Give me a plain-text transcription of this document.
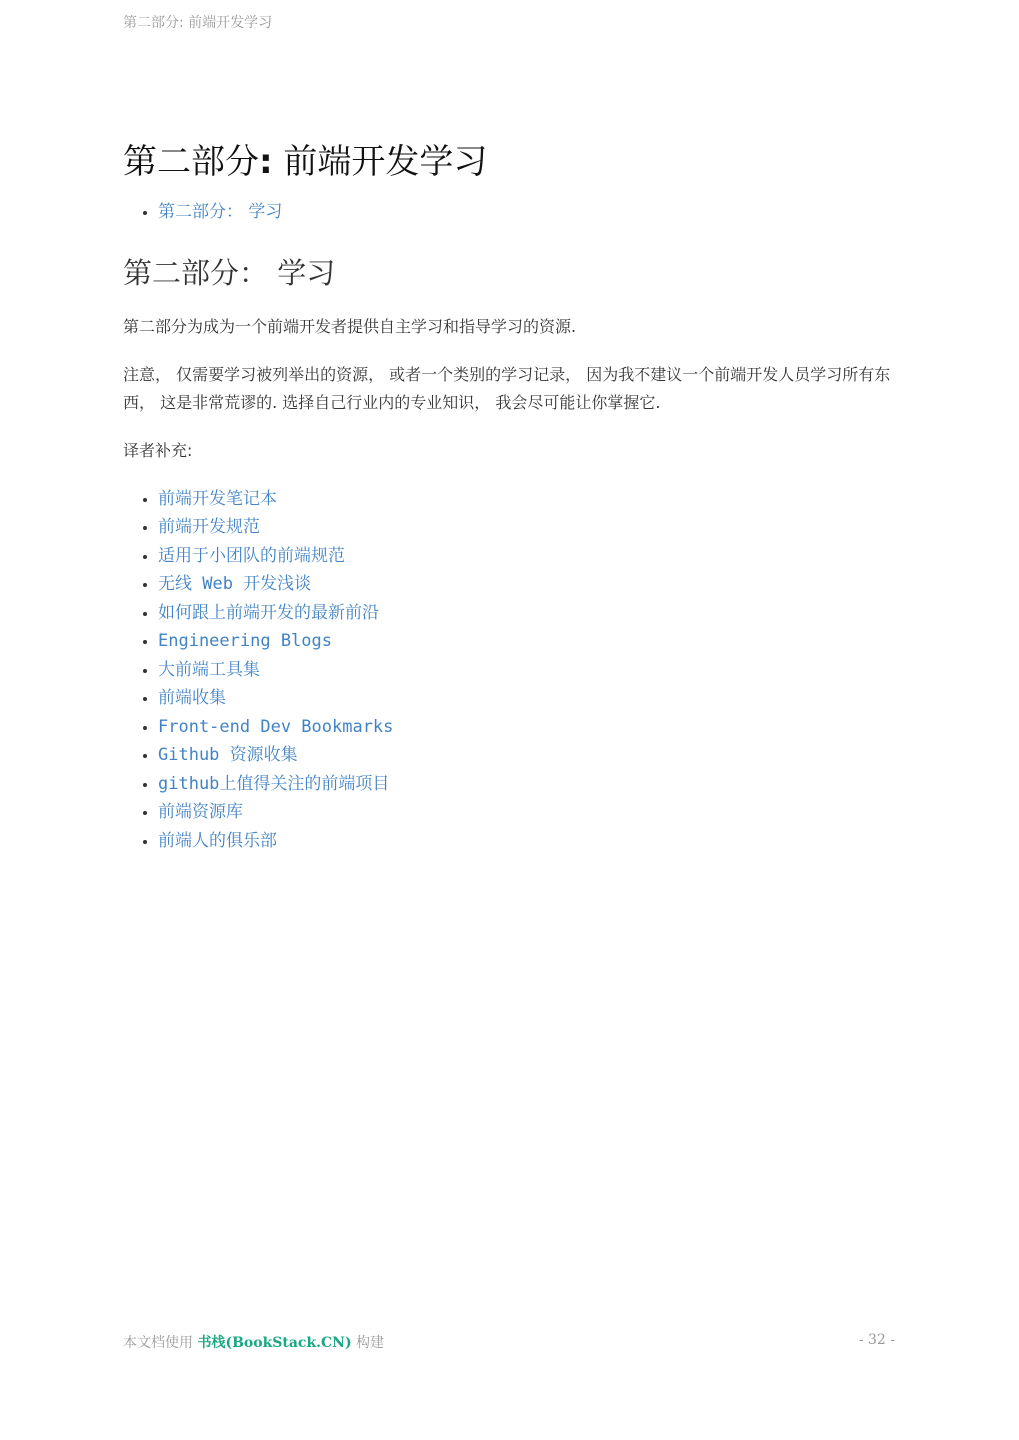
第二部分: 前端开发学习
第二部分: 前端开发学习
• 第二部分： 学习
第二部分： 学习

第二部分为成为一个前端开发者提供自主学习和指导学习的资源.

注意， 仅需要学习被列举出的资源， 或者一个类别的学习记录， 因为我不建议一个前端开发人员学习所有东西， 这是非常荒谬的. 选择自己行业内的专业知识， 我会尽可能让你掌握它.

译者补充:

• 前端开发笔记本
• 前端开发规范
• 适用于小团队的前端规范
• 无线 Web 开发浅谈
• 如何跟上前端开发的最新前沿
• Engineering Blogs
• 大前端工具集
• 前端收集
• Front-end Dev Bookmarks
• Github 资源收集
• github上值得关注的前端项目
• 前端资源库
• 前端人的俱乐部
本文档使用 书栈(BookStack.CN) 构建	- 32 -
